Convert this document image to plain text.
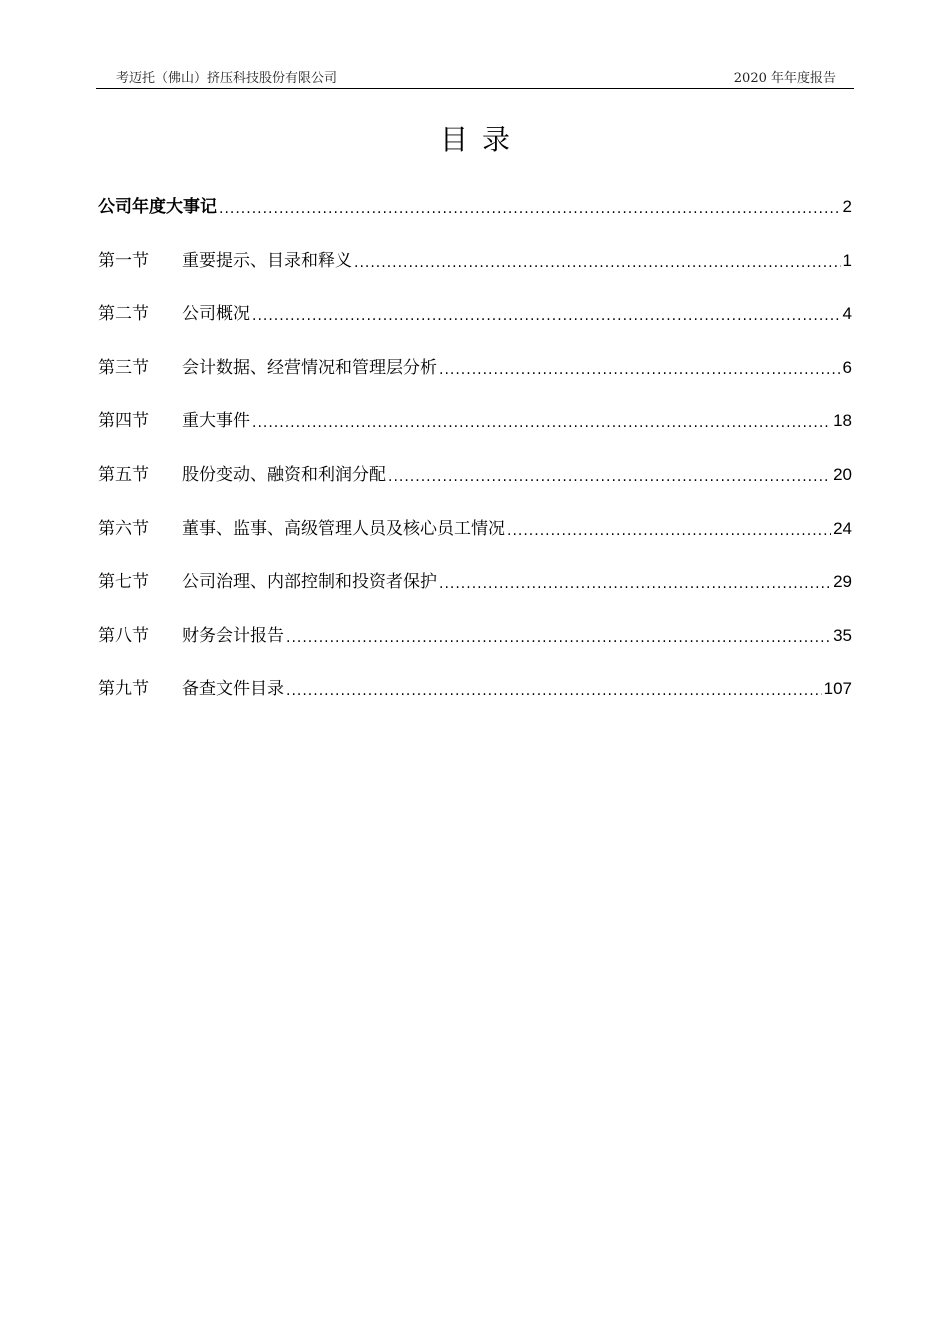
考迈托（佛山）挤压科技股份有限公司	2020 年年度报告
目录
公司年度大事记 .....	2
第一节	重要提示、目录和释义 .....	1
第二节	公司概况 .....	4
第三节	会计数据、经营情况和管理层分析 .....	6
第四节	重大事件 .....	18
第五节	股份变动、融资和利润分配 .....	20
第六节	董事、监事、高级管理人员及核心员工情况 .....	24
第七节	公司治理、内部控制和投资者保护 .....	29
第八节	财务会计报告 .....	35
第九节	备查文件目录 .....	107
